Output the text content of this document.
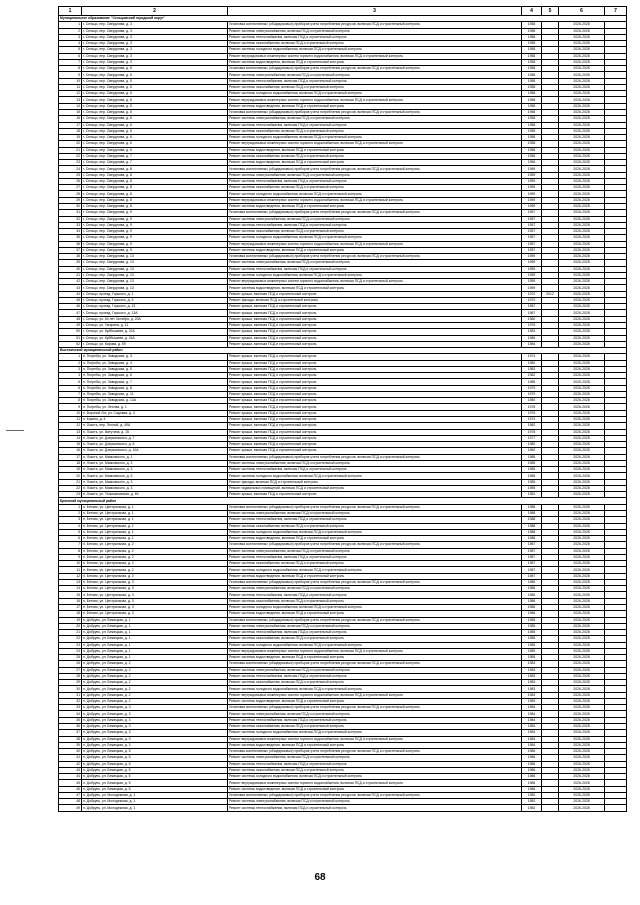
1	2	3	4	5	6	7
Муниципальное образование "Сельцовский городской округ"						
1	г. Сельцо, пер. Свердлова, д. 3	Установка коллективных (общедомовых) приборов учета потребления ресурсов, включая ПСД и строительный контроль	1958		2026-2028	
2	г. Сельцо, пер. Свердлова, д. 3	Ремонт системы электроснабжения, включая ПСД и строительный контроль	1958		2026-2028	
3	г. Сельцо, пер. Свердлова, д. 3	Ремонт системы теплоснабжения, включая ПСД и строительный контроль	1958		2026-2028	
4	г. Сельцо, пер. Свердлова, д. 3	Ремонт системы газоснабжения, включая ПСД и строительный контроль	1958		2026-2028	
5	г. Сельцо, пер. Свердлова, д. 3	Ремонт системы холодного водоснабжения, включая ПСД и строительный контроль	1958		2026-2028	
6	г. Сельцо, пер. Свердлова, д. 3	Ремонт внутридомовых инженерных систем горячего водоснабжения, включая ПСД и строительный контроль	1958		2026-2028	
7	г. Сельцо, пер. Свердлова, д. 3	Ремонт системы водоотведения, включая ПСД и строительный контроль	1958		2026-2028	
8	г. Сельцо, пер. Свердлова, д. 5	Установка коллективных (общедомовых) приборов учета потребления ресурсов, включая ПСД и строительный контроль	1958		2026-2028	
9	г. Сельцо, пер. Свердлова, д. 5	Ремонт системы электроснабжения, включая ПСД и строительный контроль	1958		2026-2028	
10	г. Сельцо, пер. Свердлова, д. 5	Ремонт системы теплоснабжения, включая ПСД и строительный контроль	1958		2026-2028	
11	г. Сельцо, пер. Свердлова, д. 5	Ремонт системы газоснабжения, включая ПСД и строительный контроль	1958		2026-2028	
12	г. Сельцо, пер. Свердлова, д. 5	Ремонт системы холодного водоснабжения, включая ПСД и строительный контроль	1958		2026-2028	
13	г. Сельцо, пер. Свердлова, д. 5	Ремонт внутридомовых инженерных систем горячего водоснабжения, включая ПСД и строительный контроль	1958		2026-2028	
14	г. Сельцо, пер. Свердлова, д. 5	Ремонт системы водоотведения, включая ПСД и строительный контроль	1958		2026-2028	
15	г. Сельцо, пер. Свердлова, д. 6	Установка коллективных (общедомовых) приборов учета потребления ресурсов, включая ПСД и строительный контроль	1958		2026-2028	
16	г. Сельцо, пер. Свердлова, д. 6	Ремонт системы электроснабжения, включая ПСД и строительный контроль	1958		2026-2028	
17	г. Сельцо, пер. Свердлова, д. 6	Ремонт системы теплоснабжения, включая ПСД и строительный контроль	1958		2026-2028	
18	г. Сельцо, пер. Свердлова, д. 6	Ремонт системы газоснабжения, включая ПСД и строительный контроль	1958		2026-2028	
19	г. Сельцо, пер. Свердлова, д. 6	Ремонт системы холодного водоснабжения, включая ПСД и строительный контроль	1958		2026-2028	
20	г. Сельцо, пер. Свердлова, д. 6	Ремонт внутридомовых инженерных систем горячего водоснабжения, включая ПСД и строительный контроль	1958		2026-2028	
21	г. Сельцо, пер. Свердлова, д. 6	Ремонт системы водоотведения, включая ПСД и строительный контроль	1958		2026-2028	
22	г. Сельцо, пер. Свердлова, д. 7	Ремонт системы газоснабжения, включая ПСД и строительный контроль	1956		2026-2028	
23	г. Сельцо, пер. Свердлова, д. 7	Ремонт системы водоотведения, включая ПСД и строительный контроль	1956		2026-2028	
24	г. Сельцо, пер. Свердлова, д. 8	Установка коллективных (общедомовых) приборов учета потребления ресурсов, включая ПСД и строительный контроль	1959		2026-2028	
25	г. Сельцо, пер. Свердлова, д. 8	Ремонт системы электроснабжения, включая ПСД и строительный контроль	1959		2026-2028	
26	г. Сельцо, пер. Свердлова, д. 8	Ремонт системы теплоснабжения, включая ПСД и строительный контроль	1959		2026-2028	
27	г. Сельцо, пер. Свердлова, д. 8	Ремонт системы газоснабжения, включая ПСД и строительный контроль	1959		2026-2028	
28	г. Сельцо, пер. Свердлова, д. 8	Ремонт системы холодного водоснабжения, включая ПСД и строительный контроль	1959		2026-2028	
29	г. Сельцо, пер. Свердлова, д. 8	Ремонт внутридомовых инженерных систем горячего водоснабжения, включая ПСД и строительный контроль	1959		2026-2028	
30	г. Сельцо, пер. Свердлова, д. 8	Ремонт системы водоотведения, включая ПСД и строительный контроль	1959		2026-2028	
31	г. Сельцо, пер. Свердлова, д. 9	Установка коллективных (общедомовых) приборов учета потребления ресурсов, включая ПСД и строительный контроль	1957		2026-2028	
32	г. Сельцо, пер. Свердлова, д. 9	Ремонт системы электроснабжения, включая ПСД и строительный контроль	1957		2026-2028	
33	г. Сельцо, пер. Свердлова, д. 9	Ремонт системы теплоснабжения, включая ПСД и строительный контроль	1957		2026-2028	
34	г. Сельцо, пер. Свердлова, д. 9	Ремонт системы газоснабжения, включая ПСД и строительный контроль	1957		2026-2028	
35	г. Сельцо, пер. Свердлова, д. 9	Ремонт системы холодного водоснабжения, включая ПСД и строительный контроль	1957		2026-2028	
36	г. Сельцо, пер. Свердлова, д. 9	Ремонт внутридомовых инженерных систем горячего водоснабжения, включая ПСД и строительный контроль	1957		2026-2028	
37	г. Сельцо, пер. Свердлова, д. 9	Ремонт системы водоотведения, включая ПСД и строительный контроль	1957		2026-2028	
38	г. Сельцо, пер. Свердлова, д. 13	Установка коллективных (общедомовых) приборов учета потребления ресурсов, включая ПСД и строительный контроль	1959		2026-2028	
39	г. Сельцо, пер. Свердлова, д. 13	Ремонт системы электроснабжения, включая ПСД и строительный контроль	1959		2026-2028	
40	г. Сельцо, пер. Свердлова, д. 13	Ремонт системы теплоснабжения, включая ПСД и строительный контроль	1959		2026-2028	
41	г. Сельцо, пер. Свердлова, д. 13	Ремонт системы холодного водоснабжения, включая ПСД и строительный контроль	1959		2026-2028	
42	г. Сельцо, пер. Свердлова, д. 13	Ремонт внутридомовых инженерных систем горячего водоснабжения, включая ПСД и строительный контроль	1959		2026-2028	
43	г. Сельцо, пер. Свердлова, д. 13	Ремонт системы водоотведения, включая ПСД и строительный контроль	1959		2026-2028	
44	г. Сельцо, проезд. Горького, д. 1	Ремонт крыши, включая ПСД и строительный контроль	1970	2012	2026-2028	
45	г. Сельцо, проезд. Горького, д. 3	Ремонт фасада, включая ПСД и строительный контроль	1970		2026-2028	
46	г. Сельцо, проезд. Горького, д. 13	Ремонт крыши, включая ПСД и строительный контроль	1987		2026-2028	
47	г. Сельцо, проезд. Горького, д. 13А	Ремонт крыши, включая ПСД и строительный контроль	1987		2026-2028	
48	г. Сельцо, ул. 60 лет Октября, д. 20А	Ремонт крыши, включая ПСД и строительный контроль	1980		2026-2028	
49	г. Сельцо, ул. Гагарина, д. 11	Ремонт крыши, включая ПСД и строительный контроль	1976		2026-2028	
50	г. Сельцо, ул. Куйбышева, д. 22А	Ремонт крыши, включая ПСД и строительный контроль	1983		2026-2028	
51	г. Сельцо, ул. Куйбышева, д. 24А	Ремонт крыши, включая ПСД и строительный контроль	1986		2026-2028	
52	г. Сельцо, ул. Кирова, д. 59	Ремонт крыши, включая ПСД и строительный контроль	1984		2026-2028	
Выгоничский муниципальный район						
1	п. Погребы, ул. Заводская, д. 3	Ремонт крыши, включая ПСД и строительный контроль	1974		2026-2028	
2	п. Погребы, ул. Заводская, д. 4	Ремонт крыши, включая ПСД и строительный контроль	1980		2026-2028	
3	п. Погребы, ул. Заводская, д. 5	Ремонт крыши, включая ПСД и строительный контроль	1983		2026-2028	
4	п. Погребы, ул. Заводская, д. 6	Ремонт крыши, включая ПСД и строительный контроль	1982		2026-2028	
5	п. Погребы, ул. Заводская, д. 7	Ремонт крыши, включая ПСД и строительный контроль	1985		2026-2028	
6	п. Погребы, ул. Заводская, д. 8	Ремонт крыши, включая ПСД и строительный контроль	1979		2026-2028	
7	п. Погребы, ул. Заводская, д. 11	Ремонт крыши, включая ПСД и строительный контроль	1979		2026-2028	
8	п. Погребы, ул. Заводская, д. 13А	Ремонт крыши, включая ПСД и строительный контроль	1980		2026-2028	
9	п. Погребы, ул. Лесная, д. 1	Ремонт крыши, включая ПСД и строительный контроль	1978		2026-2028	
10	п. Вороной Лог, ул. Садовая, д. 4	Ремонт крыши, включая ПСД и строительный контроль	1976		2026-2028	
11	п. Кокино, д. 4	Ремонт крыши, включая ПСД и строительный контроль	1974		2026-2028	
12	п. Локоть, пер. Лесной, д. 49А	Ремонт крыши, включая ПСД и строительный контроль	1982		2026-2028	
13	п. Локоть, ул. Ватутина, д. 15	Ремонт крыши, включая ПСД и строительный контроль	1978		2026-2028	
14	п. Локоть, ул. Дзержинского, д. 7	Ремонт крыши, включая ПСД и строительный контроль	1977		2026-2028	
15	п. Локоть, ул. Дзержинского, д. 8	Ремонт крыши, включая ПСД и строительный контроль	1980		2026-2028	
16	п. Локоть, ул. Дзержинского, д. 10А	Ремонт крыши, включая ПСД и строительный контроль	1982		2026-2028	
17	п. Локоть, ул. Маяковского, д. 1	Установка коллективных (общедомовых) приборов учета потребления ресурсов, включая ПСД и строительный контроль	1985		2026-2028	
18	п. Локоть, ул. Маяковского, д. 3	Ремонт системы электроснабжения, включая ПСД и строительный контроль	1985		2026-2028	
19	п. Локоть, ул. Маяковского, д. 3	Ремонт системы теплоснабжения, включая ПСД и строительный контроль	1985		2026-2028	
20	п. Локоть, ул. Маяковского, д. 3	Ремонт системы холодного водоснабжения, включая ПСД и строительный контроль	1985		2026-2028	
21	п. Локоть, ул. Маяковского, д. 3	Ремонт фасада, включая ПСД и строительный контроль	1985		2026-2028	
22	п. Локоть, ул. Маяковского, д. 3	Ремонт подвальных помещений, включая ПСД и строительный контроль	1985		2026-2028	
23	п. Локоть, ул. Тельмановская, д. 60	Ремонт крыши, включая ПСД и строительный контроль	1981		2026-2028	
Брянский муниципальный район						
1	п. Бетово, ул. Центральная, д. 1	Установка коллективных (общедомовых) приборов учета потребления ресурсов, включая ПСД и строительный контроль	1988		2026-2028	
2	п. Бетово, ул. Центральная, д. 1	Ремонт системы электроснабжения, включая ПСД и строительный контроль	1988		2026-2028	
3	п. Бетово, ул. Центральная, д. 1	Ремонт системы теплоснабжения, включая ПСД и строительный контроль	1988		2026-2028	
4	п. Бетово, ул. Центральная, д. 1	Ремонт системы газоснабжения, включая ПСД и строительный контроль	1988		2026-2028	
5	п. Бетово, ул. Центральная, д. 1	Ремонт системы холодного водоснабжения, включая ПСД и строительный контроль	1988		2026-2028	
6	п. Бетово, ул. Центральная, д. 1	Ремонт системы водоотведения, включая ПСД и строительный контроль	1988		2026-2028	
7	п. Бетово, ул. Центральная, д. 2	Установка коллективных (общедомовых) приборов учета потребления ресурсов, включая ПСД и строительный контроль	1987		2026-2028	
8	п. Бетово, ул. Центральная, д. 2	Ремонт системы электроснабжения, включая ПСД и строительный контроль	1987		2026-2028	
9	п. Бетово, ул. Центральная, д. 2	Ремонт системы теплоснабжения, включая ПСД и строительный контроль	1987		2026-2028	
10	п. Бетово, ул. Центральная, д. 2	Ремонт системы газоснабжения, включая ПСД и строительный контроль	1987		2026-2028	
11	п. Бетово, ул. Центральная, д. 2	Ремонт системы холодного водоснабжения, включая ПСД и строительный контроль	1987		2026-2028	
12	п. Бетово, ул. Центральная, д. 2	Ремонт системы водоотведения, включая ПСД и строительный контроль	1987		2026-2028	
13	п. Бетово, ул. Центральная, д. 3	Установка коллективных (общедомовых) приборов учета потребления ресурсов, включая ПСД и строительный контроль	1986		2026-2028	
14	п. Бетово, ул. Центральная, д. 3	Ремонт системы электроснабжения, включая ПСД и строительный контроль	1986		2026-2028	
15	п. Бетово, ул. Центральная, д. 3	Ремонт системы теплоснабжения, включая ПСД и строительный контроль	1986		2026-2028	
16	п. Бетово, ул. Центральная, д. 3	Ремонт системы газоснабжения, включая ПСД и строительный контроль	1986		2026-2028	
17	п. Бетово, ул. Центральная, д. 3	Ремонт системы холодного водоснабжения, включая ПСД и строительный контроль	1986		2026-2028	
18	п. Бетово, ул. Центральная, д. 3	Ремонт системы водоотведения, включая ПСД и строительный контроль	1986		2026-2028	
19	п. Добрунь, ул. Бежецкая, д. 1	Установка коллективных (общедомовых) приборов учета потребления ресурсов, включая ПСД и строительный контроль	1985		2026-2028	
20	п. Добрунь, ул. Бежецкая, д. 1	Ремонт системы электроснабжения, включая ПСД и строительный контроль	1985		2026-2028	
21	п. Добрунь, ул. Бежецкая, д. 1	Ремонт системы теплоснабжения, включая ПСД и строительный контроль	1985		2026-2028	
22	п. Добрунь, ул. Бежецкая, д. 1	Ремонт системы газоснабжения, включая ПСД и строительный контроль	1985		2026-2028	
23	п. Добрунь, ул. Бежецкая, д. 1	Ремонт системы холодного водоснабжения, включая ПСД и строительный контроль	1985		2026-2028	
24	п. Добрунь, ул. Бежецкая, д. 1	Ремонт внутридомовых инженерных систем горячего водоснабжения, включая ПСД и строительный контроль	1985		2026-2028	
25	п. Добрунь, ул. Бежецкая, д. 1	Ремонт системы водоотведения, включая ПСД и строительный контроль	1985		2026-2028	
26	п. Добрунь, ул. Бежецкая, д. 2	Установка коллективных (общедомовых) приборов учета потребления ресурсов, включая ПСД и строительный контроль	1983		2026-2028	
27	п. Добрунь, ул. Бежецкая, д. 2	Ремонт системы электроснабжения, включая ПСД и строительный контроль	1983		2026-2028	
28	п. Добрунь, ул. Бежецкая, д. 2	Ремонт системы теплоснабжения, включая ПСД и строительный контроль	1983		2026-2028	
29	п. Добрунь, ул. Бежецкая, д. 2	Ремонт системы газоснабжения, включая ПСД и строительный контроль	1983		2026-2028	
30	п. Добрунь, ул. Бежецкая, д. 2	Ремонт системы холодного водоснабжения, включая ПСД и строительный контроль	1983		2026-2028	
31	п. Добрунь, ул. Бежецкая, д. 2	Ремонт внутридомовых инженерных систем горячего водоснабжения, включая ПСД и строительный контроль	1983		2026-2028	
32	п. Добрунь, ул. Бежецкая, д. 2	Ремонт системы водоотведения, включая ПСД и строительный контроль	1983		2026-2028	
33	п. Добрунь, ул. Бежецкая, д. 3	Установка коллективных (общедомовых) приборов учета потребления ресурсов, включая ПСД и строительный контроль	1984		2026-2028	
34	п. Добрунь, ул. Бежецкая, д. 3	Ремонт системы электроснабжения, включая ПСД и строительный контроль	1984		2026-2028	
35	п. Добрунь, ул. Бежецкая, д. 3	Ремонт системы теплоснабжения, включая ПСД и строительный контроль	1984		2026-2028	
36	п. Добрунь, ул. Бежецкая, д. 3	Ремонт системы газоснабжения, включая ПСД и строительный контроль	1984		2026-2028	
37	п. Добрунь, ул. Бежецкая, д. 3	Ремонт системы холодного водоснабжения, включая ПСД и строительный контроль	1984		2026-2028	
38	п. Добрунь, ул. Бежецкая, д. 3	Ремонт внутридомовых инженерных систем горячего водоснабжения, включая ПСД и строительный контроль	1984		2026-2028	
39	п. Добрунь, ул. Бежецкая, д. 3	Ремонт системы водоотведения, включая ПСД и строительный контроль	1984		2026-2028	
40	п. Добрунь, ул. Бежецкая, д. 5	Установка коллективных (общедомовых) приборов учета потребления ресурсов, включая ПСД и строительный контроль	1986		2026-2028	
41	п. Добрунь, ул. Бежецкая, д. 5	Ремонт системы электроснабжения, включая ПСД и строительный контроль	1986		2026-2028	
42	п. Добрунь, ул. Бежецкая, д. 5	Ремонт системы теплоснабжения, включая ПСД и строительный контроль	1986		2026-2028	
43	п. Добрунь, ул. Бежецкая, д. 5	Ремонт системы газоснабжения, включая ПСД и строительный контроль	1986		2026-2028	
44	п. Добрунь, ул. Бежецкая, д. 5	Ремонт системы холодного водоснабжения, включая ПСД и строительный контроль	1986		2026-2028	
45	п. Добрунь, ул. Бежецкая, д. 5	Ремонт внутридомовых инженерных систем горячего водоснабжения, включая ПСД и строительный контроль	1986		2026-2028	
46	п. Добрунь, ул. Бежецкая, д. 5	Ремонт системы водоотведения, включая ПСД и строительный контроль	1986		2026-2028	
47	п. Добрунь, ул. Молодежная, д. 1	Установка коллективных (общедомовых) приборов учета потребления ресурсов, включая ПСД и строительный контроль	1982		2026-2028	
48	п. Добрунь, ул. Молодежная, д. 1	Ремонт системы электроснабжения, включая ПСД и строительный контроль	1982		2026-2028	
49	п. Добрунь, ул. Молодежная, д. 1	Ремонт системы теплоснабжения, включая ПСД и строительный контроль	1982		2026-2028	
68
